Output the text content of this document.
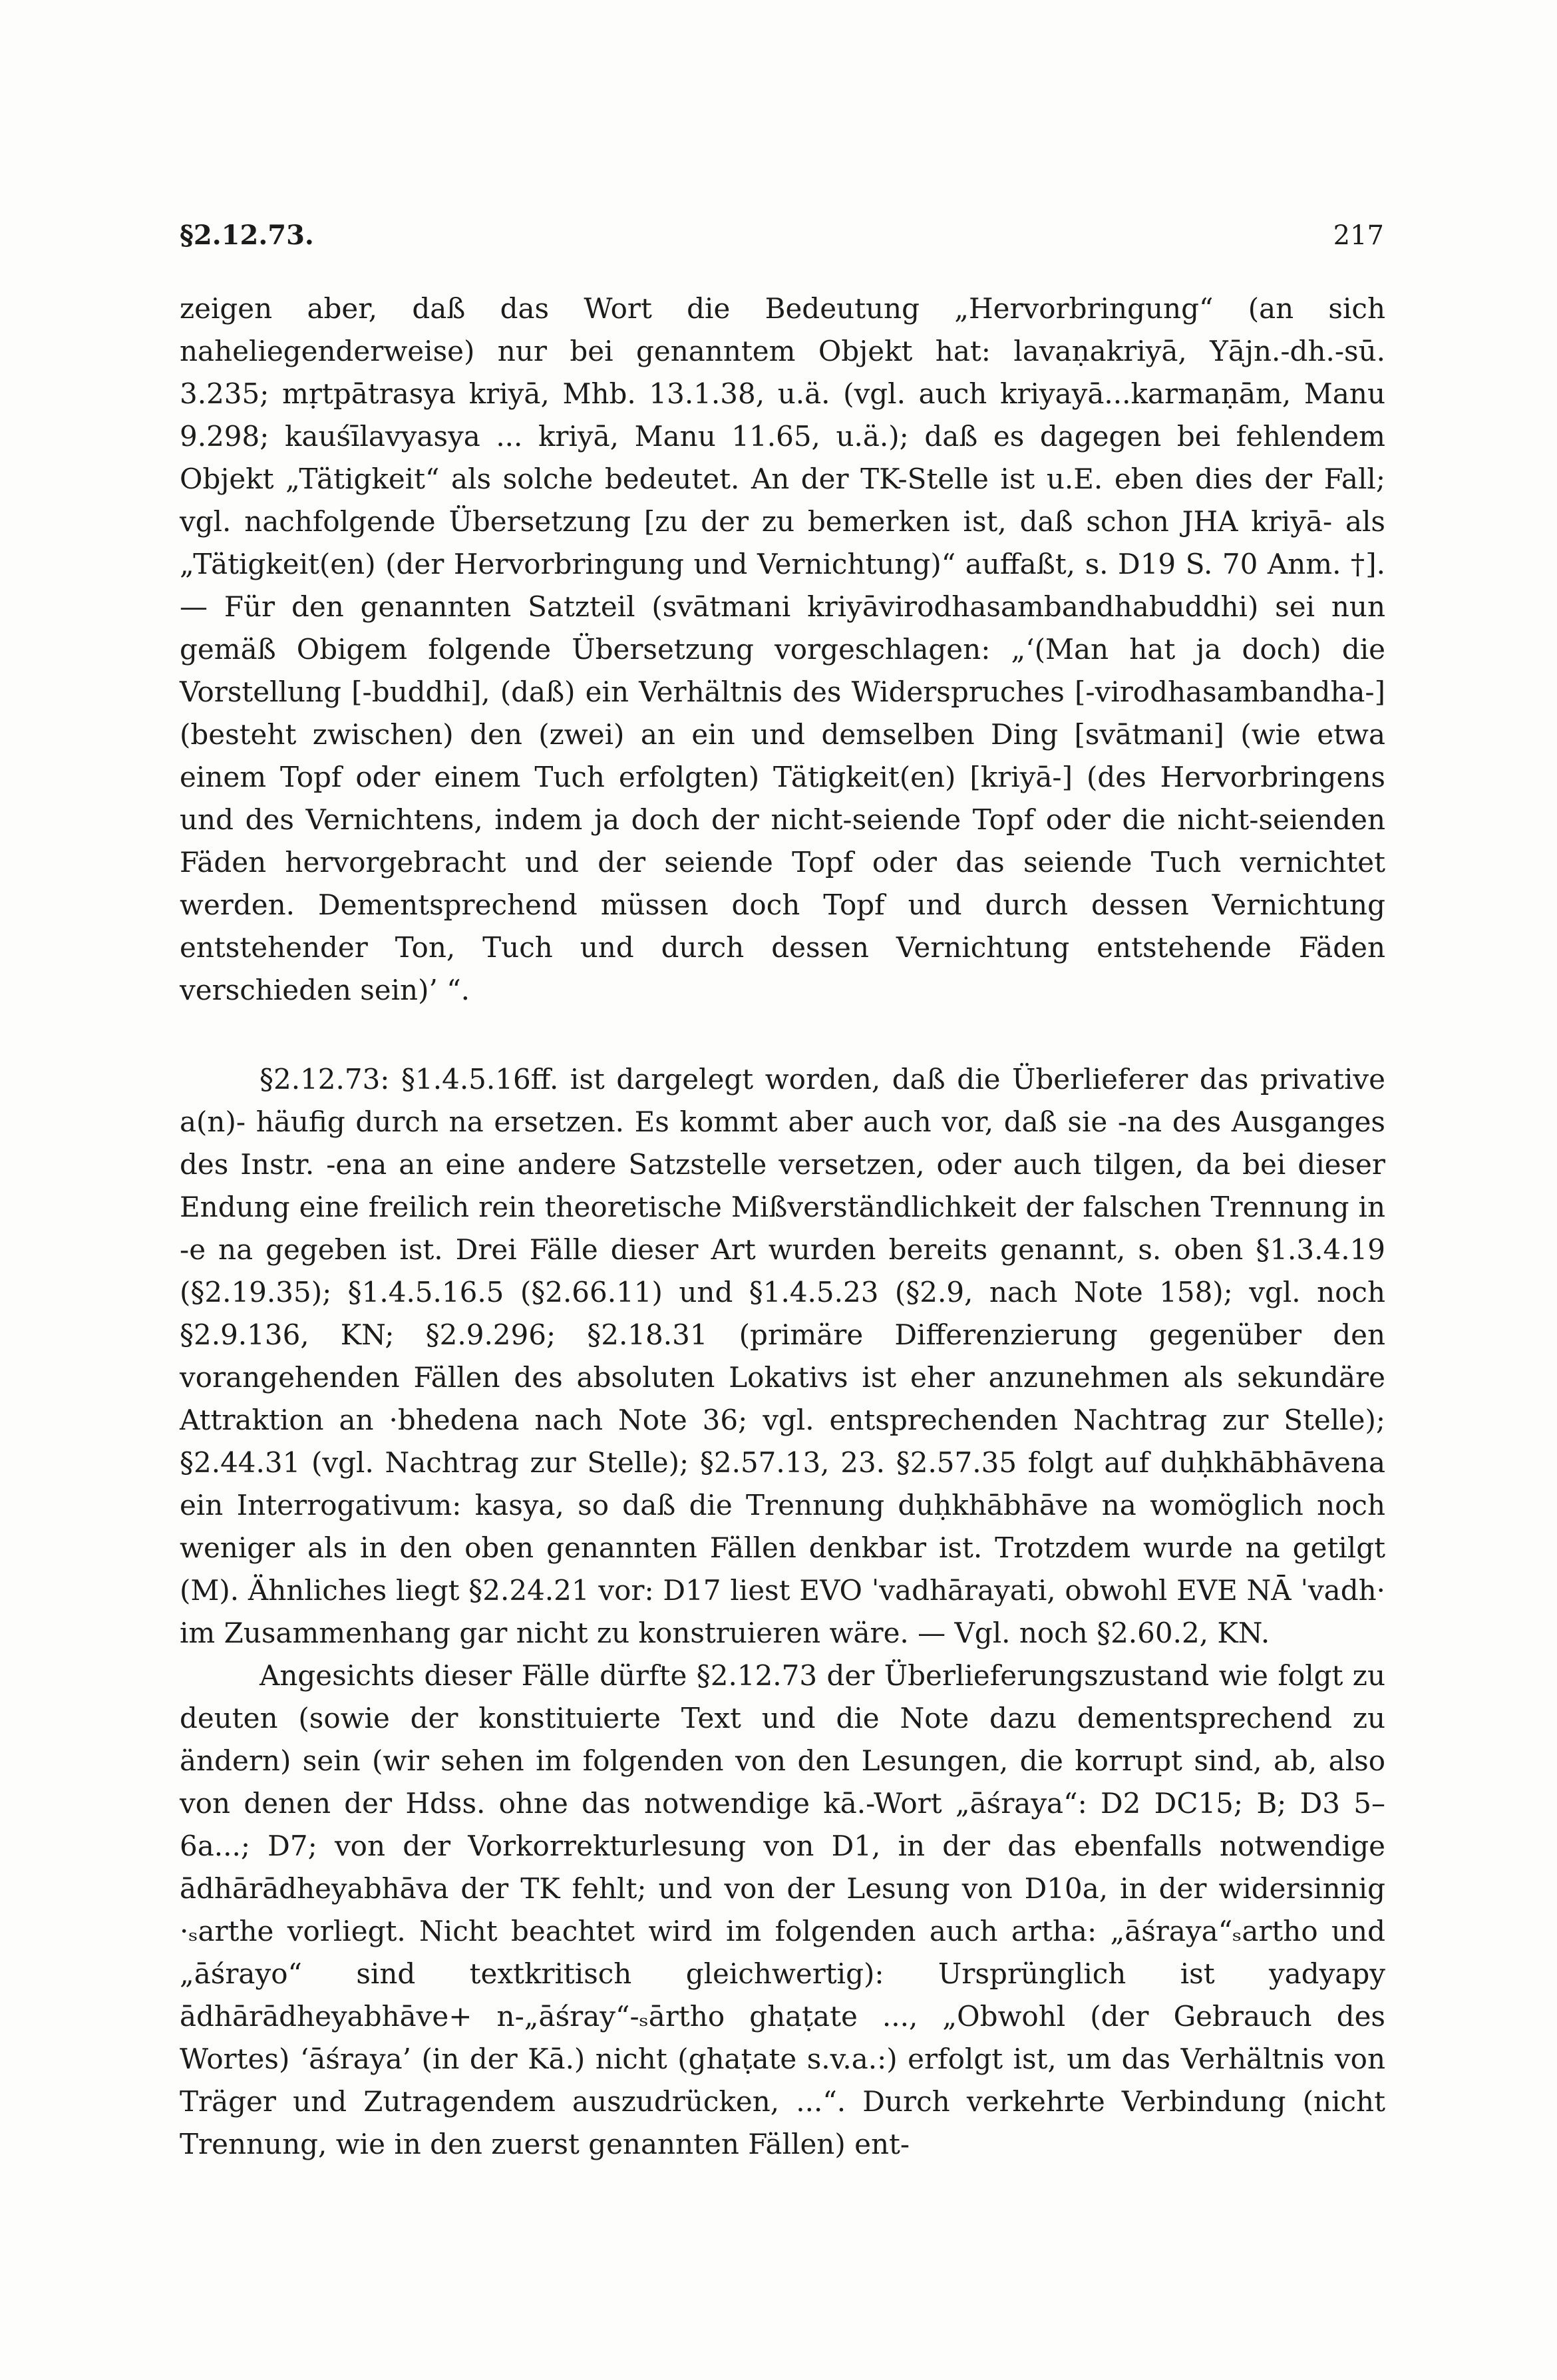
§2.12.73.	217

zeigen aber, daß das Wort die Bedeutung „Hervorbringung“ (an sich naheliegenderweise) nur bei genanntem Objekt hat: lavaṇakriyā, Yājn.-dh.-sū. 3.235; mṛtpātrasya kriyā, Mhb. 13.1.38, u.ä. (vgl. auch kriyayā...karmaṇām, Manu 9.298; kauśīlavyasya ... kriyā, Manu 11.65, u.ä.); daß es dagegen bei fehlendem Objekt „Tätigkeit“ als solche bedeutet. An der TK-Stelle ist u.E. eben dies der Fall; vgl. nachfolgende Übersetzung [zu der zu bemerken ist, daß schon JHA kriyā- als „Tätigkeit(en) (der Hervorbringung und Vernichtung)“ auffaßt, s. D19 S. 70 Anm. †]. — Für den genannten Satzteil (svātmani kriyāvirodhasambandhabuddhi) sei nun gemäß Obigem folgende Übersetzung vorgeschlagen: „‘(Man hat ja doch) die Vorstellung [-buddhi], (daß) ein Verhältnis des Widerspruches [-virodhasambandha-] (besteht zwischen) den (zwei) an ein und demselben Ding [svātmani] (wie etwa einem Topf oder einem Tuch erfolgten) Tätigkeit(en) [kriyā-] (des Hervorbringens und des Vernichtens, indem ja doch der nicht-seiende Topf oder die nicht-seienden Fäden hervorgebracht und der seiende Topf oder das seiende Tuch vernichtet werden. Dementsprechend müssen doch Topf und durch dessen Vernichtung entstehender Ton, Tuch und durch dessen Vernichtung entstehende Fäden verschieden sein)’ “.

§2.12.73: §1.4.5.16ff. ist dargelegt worden, daß die Überlieferer das privative a(n)- häufig durch na ersetzen. Es kommt aber auch vor, daß sie -na des Ausganges des Instr. -ena an eine andere Satzstelle versetzen, oder auch tilgen, da bei dieser Endung eine freilich rein theoretische Mißverständlichkeit der falschen Trennung in -e na gegeben ist. Drei Fälle dieser Art wurden bereits genannt, s. oben §1.3.4.19 (§2.19.35); §1.4.5.16.5 (§2.66.11) und §1.4.5.23 (§2.9, nach Note 158); vgl. noch §2.9.136, KN; §2.9.296; §2.18.31 (primäre Differenzierung gegenüber den vorangehenden Fällen des absoluten Lokativs ist eher anzunehmen als sekundäre Attraktion an ·bhedena nach Note 36; vgl. entsprechenden Nachtrag zur Stelle); §2.44.31 (vgl. Nachtrag zur Stelle); §2.57.13, 23. §2.57.35 folgt auf duḥkhābhāvena ein Interrogativum: kasya, so daß die Trennung duḥkhābhāve na womöglich noch weniger als in den oben genannten Fällen denkbar ist. Trotzdem wurde na getilgt (M). Ähnliches liegt §2.24.21 vor: D17 liest EVO ˈvadhārayati, obwohl EVE NĀ ˈvadh· im Zusammenhang gar nicht zu konstruieren wäre. — Vgl. noch §2.60.2, KN.

Angesichts dieser Fälle dürfte §2.12.73 der Überlieferungszustand wie folgt zu deuten (sowie der konstituierte Text und die Note dazu dementsprechend zu ändern) sein (wir sehen im folgenden von den Lesungen, die korrupt sind, ab, also von denen der Hdss. ohne das notwendige kā.-Wort „āśraya“: D2 DC15; B; D3 5–6a...; D7; von der Vorkorrekturlesung von D1, in der das ebenfalls notwendige ādhārādheyabhāva der TK fehlt; und von der Lesung von D10a, in der widersinnig ·ₛarthe vorliegt. Nicht beachtet wird im folgenden auch artha: „āśraya“ₛartho und „āśrayo“ sind textkritisch gleichwertig): Ursprünglich ist yadyapy ādhārādheyabhāve+ n-„āśray“-ₛārtho ghaṭate ..., „Obwohl (der Gebrauch des Wortes) ‘āśraya’ (in der Kā.) nicht (ghaṭate s.v.a.:) erfolgt ist, um das Verhältnis von Träger und Zutragendem auszudrücken, ...“. Durch verkehrte Verbindung (nicht Trennung, wie in den zuerst genannten Fällen) ent-
